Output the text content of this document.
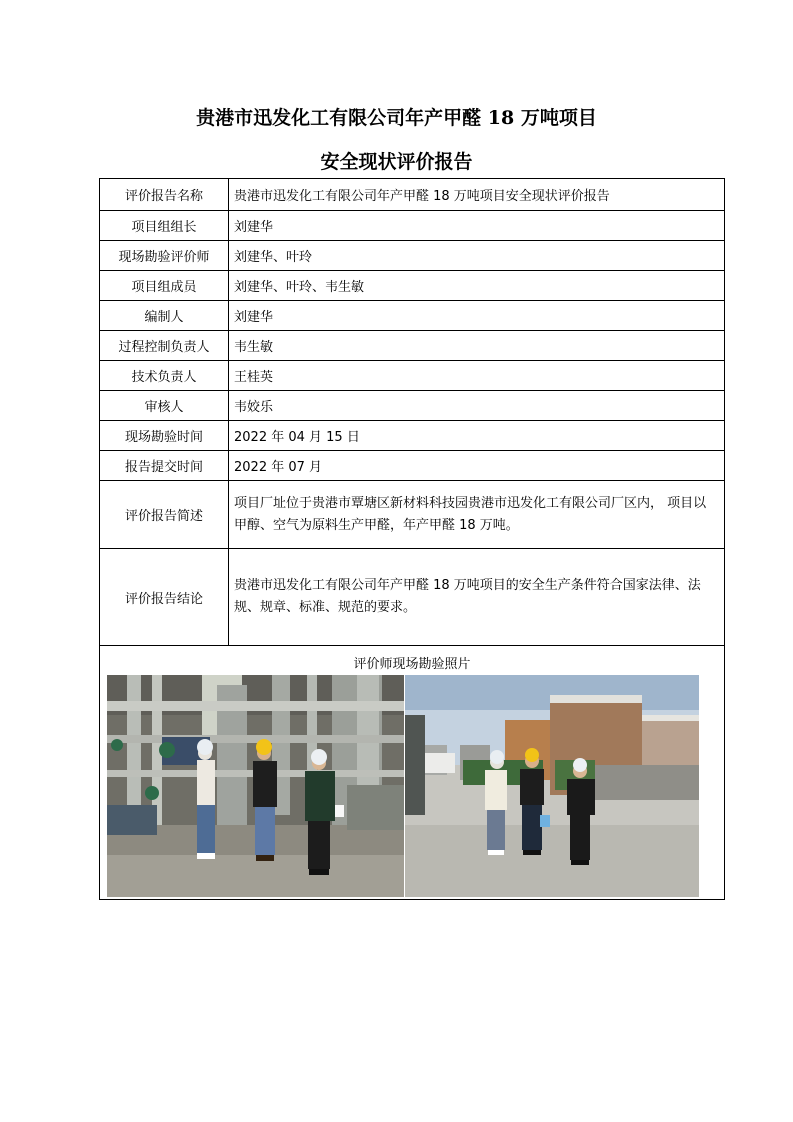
贵港市迅发化工有限公司年产甲醛 18 万吨项目
安全现状评价报告
评价报告名称	贵港市迅发化工有限公司年产甲醛 18 万吨项目安全现状评价报告
项目组组长	刘建华
现场勘验评价师	刘建华、叶玲
项目组成员	刘建华、叶玲、韦生敏
编制人	刘建华
过程控制负责人	韦生敏
技术负责人	王桂英
审核人	韦姣乐
现场勘验时间	2022 年 04 月 15 日
报告提交时间	2022 年 07 月
评价报告简述	项目厂址位于贵港市覃塘区新材料科技园贵港市迅发化工有限公司厂区内， 项目以甲醇、空气为原料生产甲醛，年产甲醛 18 万吨。
评价报告结论	贵港市迅发化工有限公司年产甲醛 18 万吨项目的安全生产条件符合国家法律、法规、规章、标准、规范的要求。
评价师现场勘验照片
